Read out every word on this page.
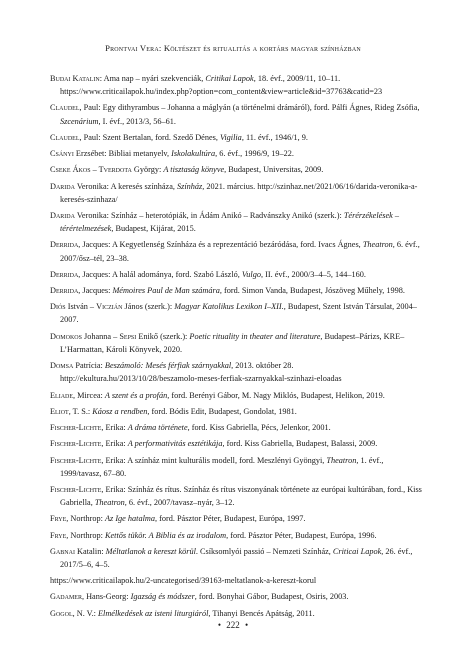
Prontvai Vera: Költészet és ritualitás a kortárs magyar színházban
Budai Katalin: Ama nap – nyári szekvenciák, Critikai Lapok, 18. évf., 2009/11, 10–11. https://www.criticailapok.hu/index.php?option=com_content&view=article&id=37763&catid=23
Claudel, Paul: Egy dithyrambus – Johanna a máglyán (a történelmi drámáról), ford. Pálfi Ágnes, Rideg Zsófia, Szcenárium, I. évf., 2013/3, 56–61.
Claudel, Paul: Szent Bertalan, ford. Szedő Dénes, Vigilia, 11. évf., 1946/1, 9.
Csányi Erzsébet: Bibliai metanyelv, Iskolakultúra, 6. évf., 1996/9, 19–22.
Cseke Ákos – Tverdota György: A tisztaság könyve, Budapest, Universitas, 2009.
Darida Veronika: A keresés színháza, Színház, 2021. március. http://szinhaz.net/2021/06/16/darida-veronika-a-keresés-szinhaza/
Darida Veronika: Színház – heterotópiák, in Ádám Anikó – Radvánszky Anikó (szerk.): Térérzékelések – térértelmezések, Budapest, Kijárat, 2015.
Derrida, Jacques: A Kegyetlenség Színháza és a reprezentáció bezáródása, ford. Ivacs Ágnes, Theatron, 6. évf., 2007/ősz–tél, 23–38.
Derrida, Jacques: A halál adománya, ford. Szabó László, Vulgo, II. évf., 2000/3–4–5, 144–160.
Derrida, Jacques: Mémoires Paul de Man számára, ford. Simon Vanda, Budapest, Jószöveg Műhely, 1998.
Diós István – Viczián János (szerk.): Magyar Katolikus Lexikon I–XII., Budapest, Szent István Társulat, 2004–2007.
Domokos Johanna – Sepsi Enikő (szerk.): Poetic rituality in theater and literature, Budapest–Párizs, KRE–L’Harmattan, Károli Könyvek, 2020.
Domsa Patrícia: Beszámoló: Mesés férfiak szárnyakkal, 2013. október 28. http://ekultura.hu/2013/10/28/beszamolo-meses-ferfiak-szarnyakkal-szinhazi-eloadas
Eliade, Mircea: A szent és a profán, ford. Berényi Gábor, M. Nagy Miklós, Budapest, Helikon, 2019.
Eliot, T. S.: Káosz a rendben, ford. Bódis Edit, Budapest, Gondolat, 1981.
Fischer-Lichte, Erika: A dráma története, ford. Kiss Gabriella, Pécs, Jelenkor, 2001.
Fischer-Lichte, Erika: A performativitás esztétikája, ford. Kiss Gabriella, Budapest, Balassi, 2009.
Fischer-Lichte, Erika: A színház mint kulturális modell, ford. Meszlényi Gyöngyi, Theatron, 1. évf., 1999/tavasz, 67–80.
Fischer-Lichte, Erika: Színház és rítus. Színház és rítus viszonyának története az európai kultúrában, ford., Kiss Gabriella, Theatron, 6. évf., 2007/tavasz–nyár, 3–12.
Frye, Northrop: Az Ige hatalma, ford. Pásztor Péter, Budapest, Európa, 1997.
Frye, Northrop: Kettős tükör. A Biblia és az irodalom, ford. Pásztor Péter, Budapest, Európa, 1996.
Gabnai Katalin: Méltatlanok a kereszt körül. Csíksomlyói passió – Nemzeti Színház, Criticai Lapok, 26. évf., 2017/5–6, 4–5.
https://www.criticailapok.hu/2-uncategorised/39163-meltatlanok-a-kereszt-korul
Gadamer, Hans-Georg: Igazság és módszer, ford. Bonyhai Gábor, Budapest, Osiris, 2003.
Gogol, N. V.: Elmélkedések az isteni liturgiáról, Tihanyi Bencés Apátság, 2011.
• 222 •
